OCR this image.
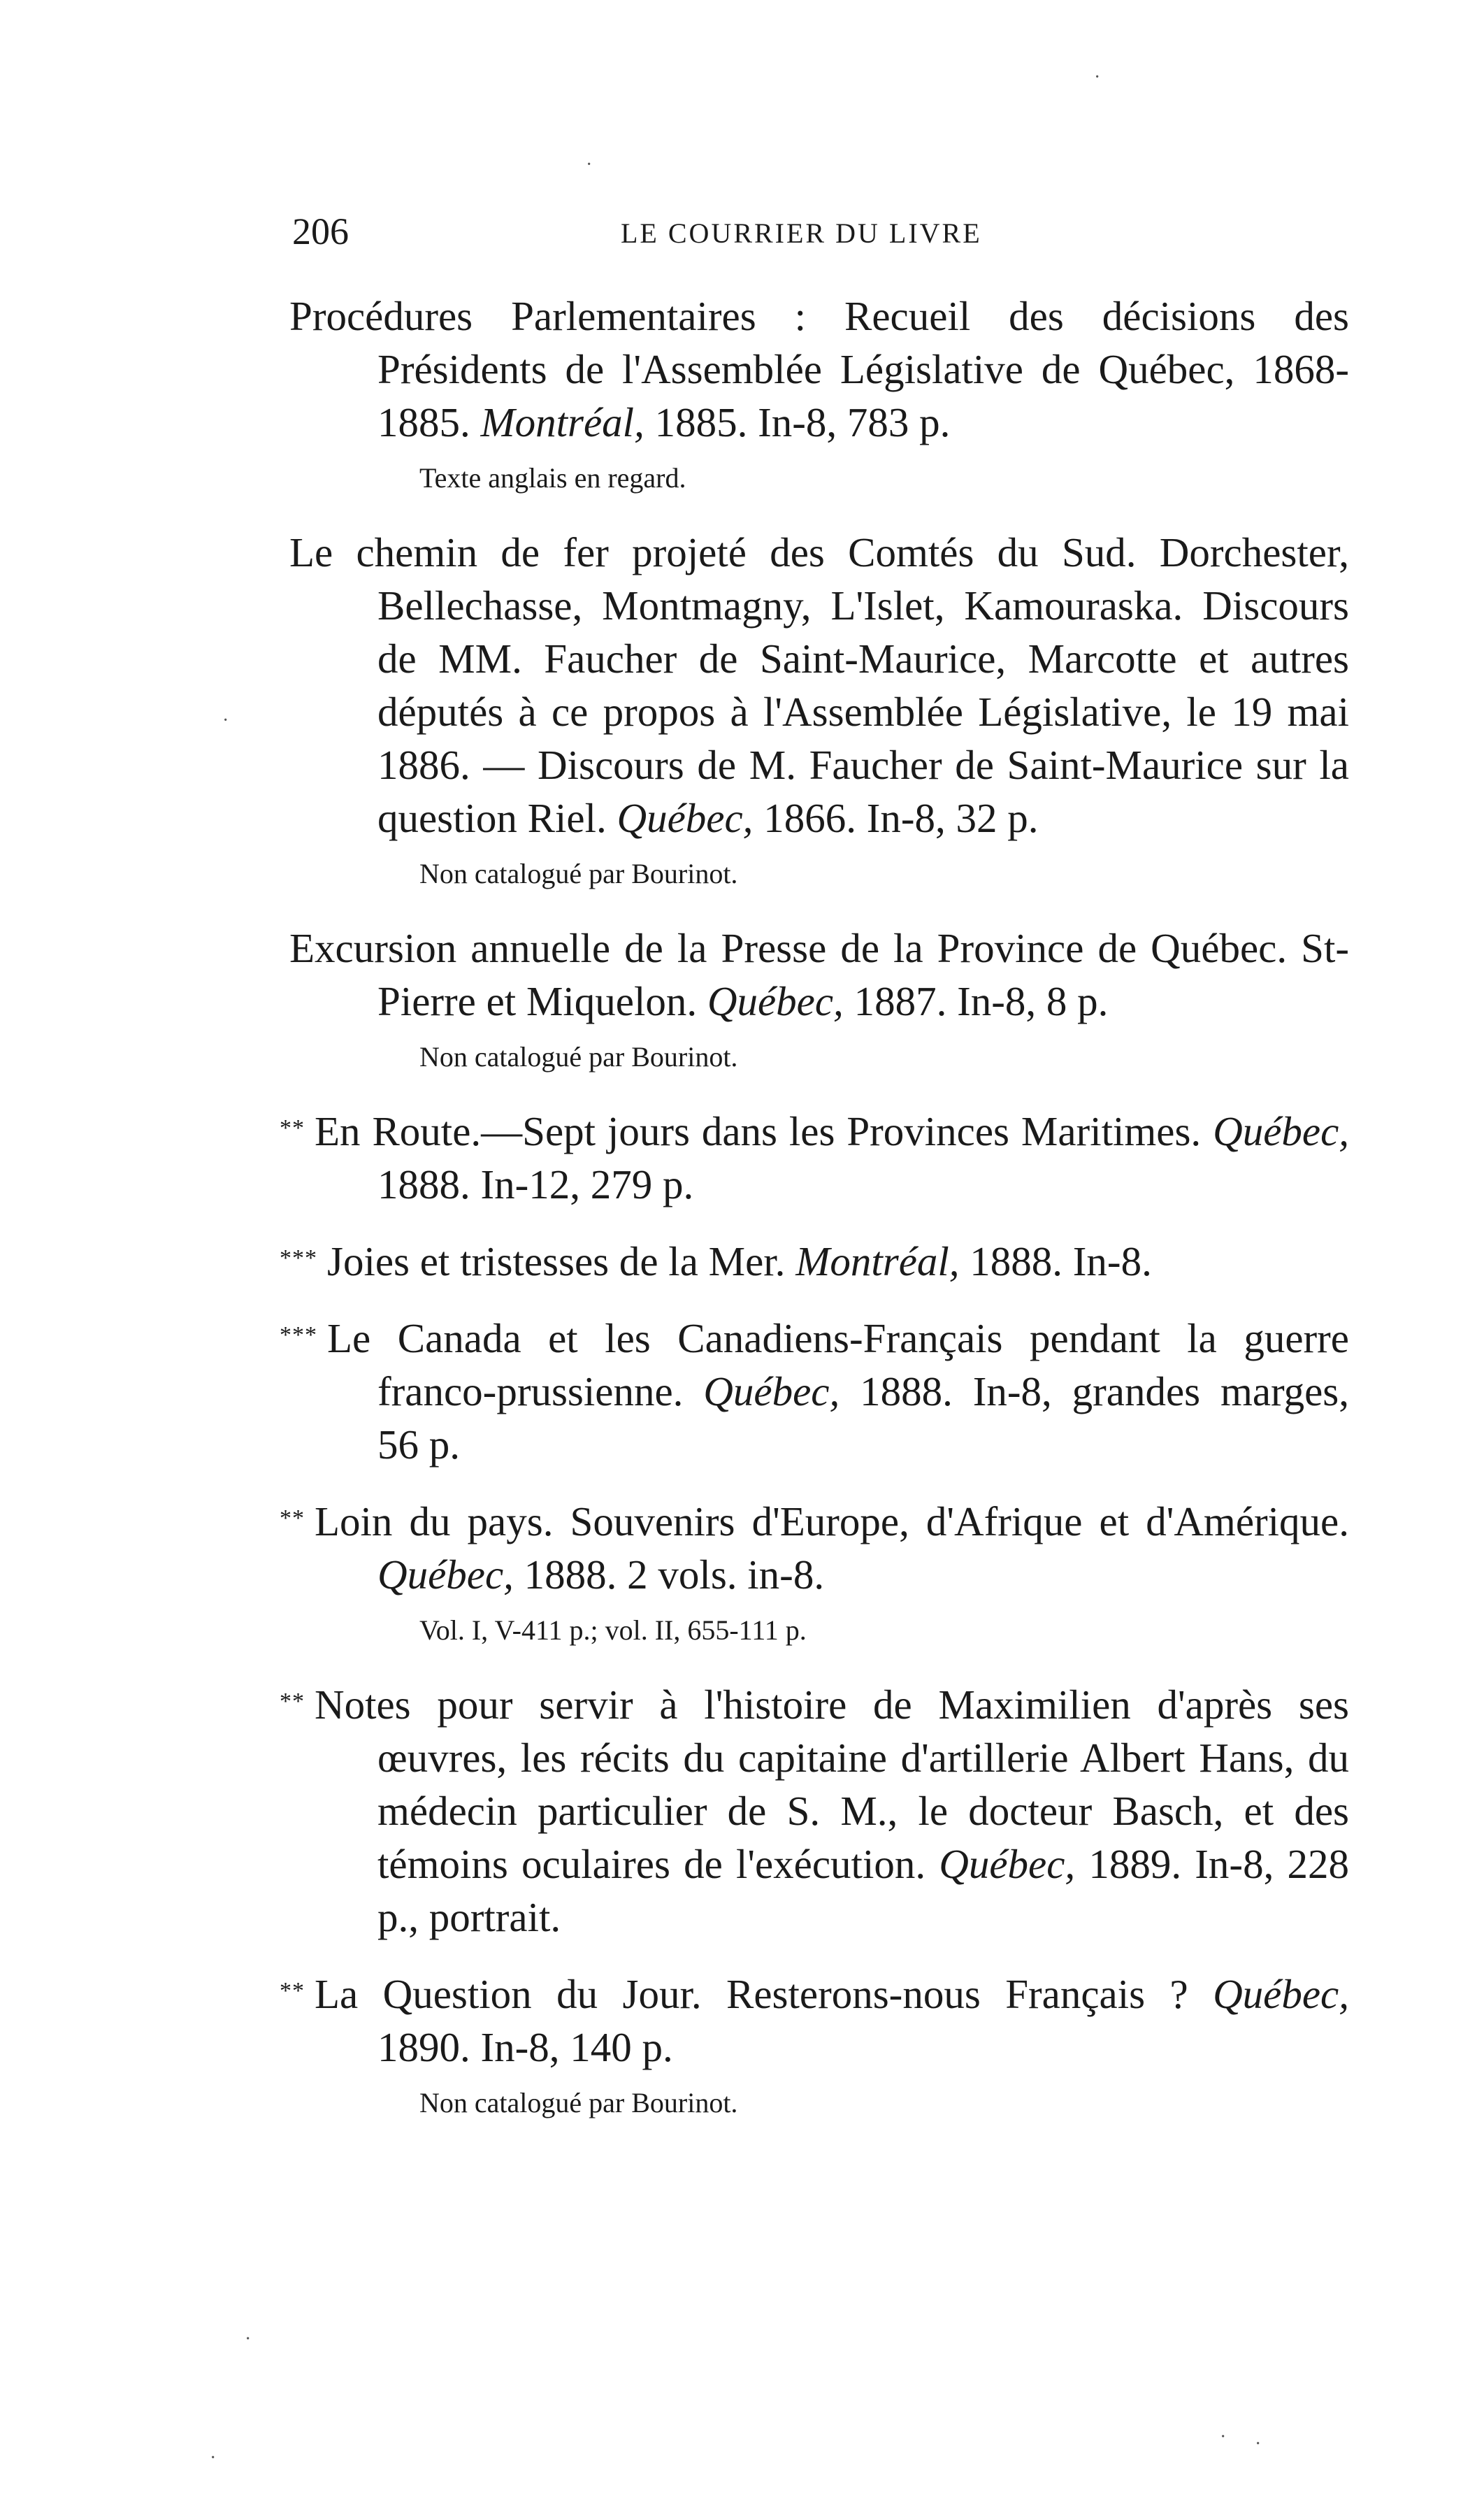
206	LE COURRIER DU LIVRE
Procédures Parlementaires : Recueil des décisions des Présidents de l'Assemblée Législative de Québec, 1868-1885. Montréal, 1885. In-8, 783 p.
Texte anglais en regard.
Le chemin de fer projeté des Comtés du Sud. Dorchester, Bellechasse, Montmagny, L'Islet, Kamouraska. Discours de MM. Faucher de Saint-Maurice, Marcotte et autres députés à ce propos à l'Assemblée Législative, le 19 mai 1886. — Discours de M. Faucher de Saint-Maurice sur la question Riel. Québec, 1866. In-8, 32 p.
Non catalogué par Bourinot.
Excursion annuelle de la Presse de la Province de Québec. St-Pierre et Miquelon. Québec, 1887. In-8, 8 p.
Non catalogué par Bourinot.
** En Route.—Sept jours dans les Provinces Maritimes. Québec, 1888. In-12, 279 p.
*** Joies et tristesses de la Mer. Montréal, 1888. In-8.
*** Le Canada et les Canadiens-Français pendant la guerre franco-prussienne. Québec, 1888. In-8, grandes marges, 56 p.
** Loin du pays. Souvenirs d'Europe, d'Afrique et d'Amérique. Québec, 1888. 2 vols. in-8.
Vol. I, V-411 p.; vol. II, 655-111 p.
** Notes pour servir à l'histoire de Maximilien d'après ses œuvres, les récits du capitaine d'artillerie Albert Hans, du médecin particulier de S. M., le docteur Basch, et des témoins oculaires de l'exécution. Québec, 1889. In-8, 228 p., portrait.
** La Question du Jour. Resterons-nous Français ? Québec, 1890. In-8, 140 p.
Non catalogué par Bourinot.
·
·
·
·
·
· ·
